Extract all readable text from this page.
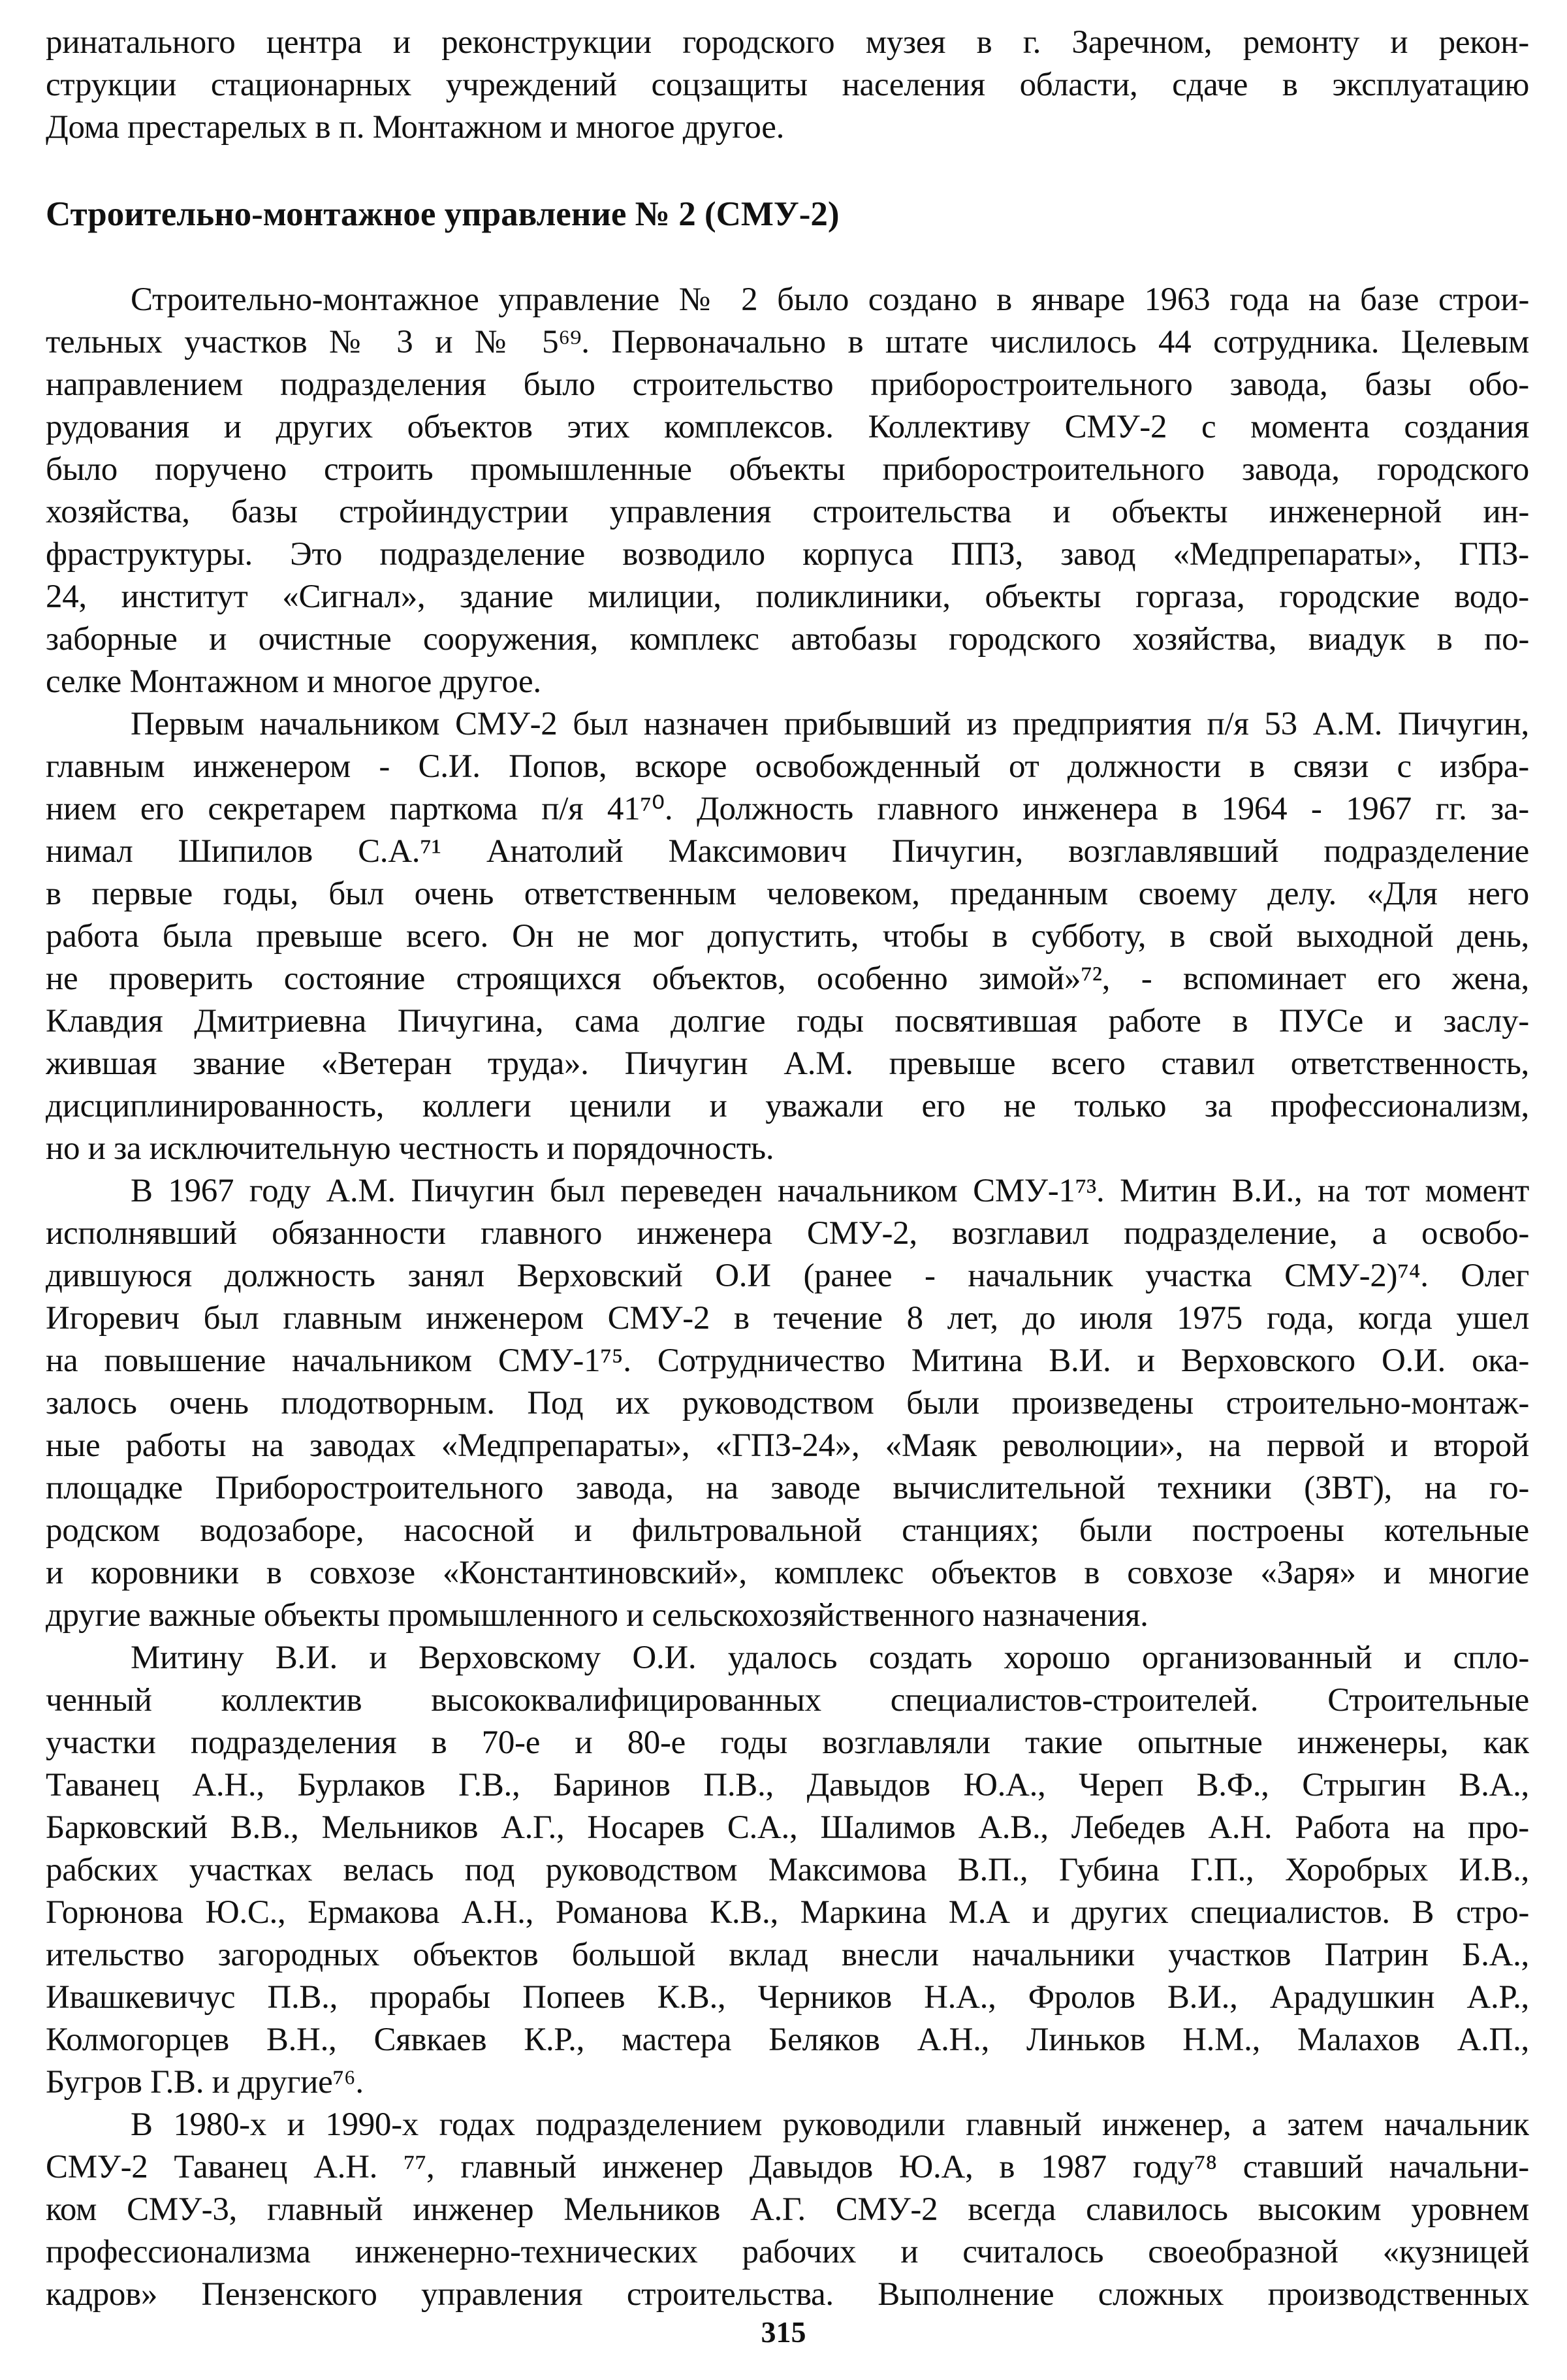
ринатального центра и реконструкции городского музея в г. Заречном, ремонту и рекон-
струкции стационарных учреждений соцзащиты населения области, сдаче в эксплуатацию
Дома престарелых в п. Монтажном и многое другое.
Строительно-монтажное управление № 2 (СМУ-2)
Строительно-монтажное управление № 2 было создано в январе 1963 года на базе строи-
тельных участков № 3 и № 5⁶⁹. Первоначально в штате числилось 44 сотрудника. Целевым
направлением подразделения было строительство приборостроительного завода, базы обо-
рудования и других объектов этих комплексов. Коллективу СМУ-2 с момента создания
было поручено строить промышленные объекты приборостроительного завода, городского
хозяйства, базы стройиндустрии управления строительства и объекты инженерной ин-
фраструктуры. Это подразделение возводило корпуса ППЗ, завод «Медпрепараты», ГПЗ-
24, институт «Сигнал», здание милиции, поликлиники, объекты горгаза, городские водо-
заборные и очистные сооружения, комплекс автобазы городского хозяйства, виадук в по-
селке Монтажном и многое другое.
Первым начальником СМУ-2 был назначен прибывший из предприятия п/я 53 А.М. Пичугин,
главным инженером - С.И. Попов, вскоре освобожденный от должности в связи с избра-
нием его секретарем парткома п/я 41⁷⁰. Должность главного инженера в 1964 - 1967 гг. за-
нимал Шипилов С.А.⁷¹ Анатолий Максимович Пичугин, возглавлявший подразделение
в первые годы, был очень ответственным человеком, преданным своему делу. «Для него
работа была превыше всего. Он не мог допустить, чтобы в субботу, в свой выходной день,
не проверить состояние строящихся объектов, особенно зимой»⁷², - вспоминает его жена,
Клавдия Дмитриевна Пичугина, сама долгие годы посвятившая работе в ПУСе и заслу-
жившая звание «Ветеран труда». Пичугин А.М. превыше всего ставил ответственность,
дисциплинированность, коллеги ценили и уважали его не только за профессионализм,
но и за исключительную честность и порядочность.
В 1967 году А.М. Пичугин был переведен начальником СМУ-1⁷³. Митин В.И., на тот момент
исполнявший обязанности главного инженера СМУ-2, возглавил подразделение, а освобо-
дившуюся должность занял Верховский О.И (ранее - начальник участка СМУ-2)⁷⁴. Олег
Игоревич был главным инженером СМУ-2 в течение 8 лет, до июля 1975 года, когда ушел
на повышение начальником СМУ-1⁷⁵. Сотрудничество Митина В.И. и Верховского О.И. ока-
залось очень плодотворным. Под их руководством были произведены строительно-монтаж-
ные работы на заводах «Медпрепараты», «ГПЗ-24», «Маяк революции», на первой и второй
площадке Приборостроительного завода, на заводе вычислительной техники (ЗВТ), на го-
родском водозаборе, насосной и фильтровальной станциях; были построены котельные
и коровники в совхозе «Константиновский», комплекс объектов в совхозе «Заря» и многие
другие важные объекты промышленного и сельскохозяйственного назначения.
Митину В.И. и Верховскому О.И. удалось создать хорошо организованный и спло-
ченный коллектив высококвалифицированных специалистов-строителей. Строительные
участки подразделения в 70-е и 80-е годы возглавляли такие опытные инженеры, как
Таванец А.Н., Бурлаков Г.В., Баринов П.В., Давыдов Ю.А., Череп В.Ф., Стрыгин В.А.,
Барковский В.В., Мельников А.Г., Носарев С.А., Шалимов А.В., Лебедев А.Н. Работа на про-
рабских участках велась под руководством Максимова В.П., Губина Г.П., Хоробрых И.В.,
Горюнова Ю.С., Ермакова А.Н., Романова К.В., Маркина М.А и других специалистов. В стро-
ительство загородных объектов большой вклад внесли начальники участков Патрин Б.А.,
Ивашкевичус П.В., прорабы Попеев К.В., Черников Н.А., Фролов В.И., Арадушкин А.Р.,
Колмогорцев В.Н., Сявкаев К.Р., мастера Беляков А.Н., Линьков Н.М., Малахов А.П.,
Бугров Г.В. и другие⁷⁶.
В 1980-х и 1990-х годах подразделением руководили главный инженер, а затем начальник
СМУ-2 Таванец А.Н. ⁷⁷, главный инженер Давыдов Ю.А, в 1987 году⁷⁸ ставший начальни-
ком СМУ-3, главный инженер Мельников А.Г. СМУ-2 всегда славилось высоким уровнем
профессионализма инженерно-технических рабочих и считалось своеобразной «кузницей
кадров» Пензенского управления строительства. Выполнение сложных производственных
315
